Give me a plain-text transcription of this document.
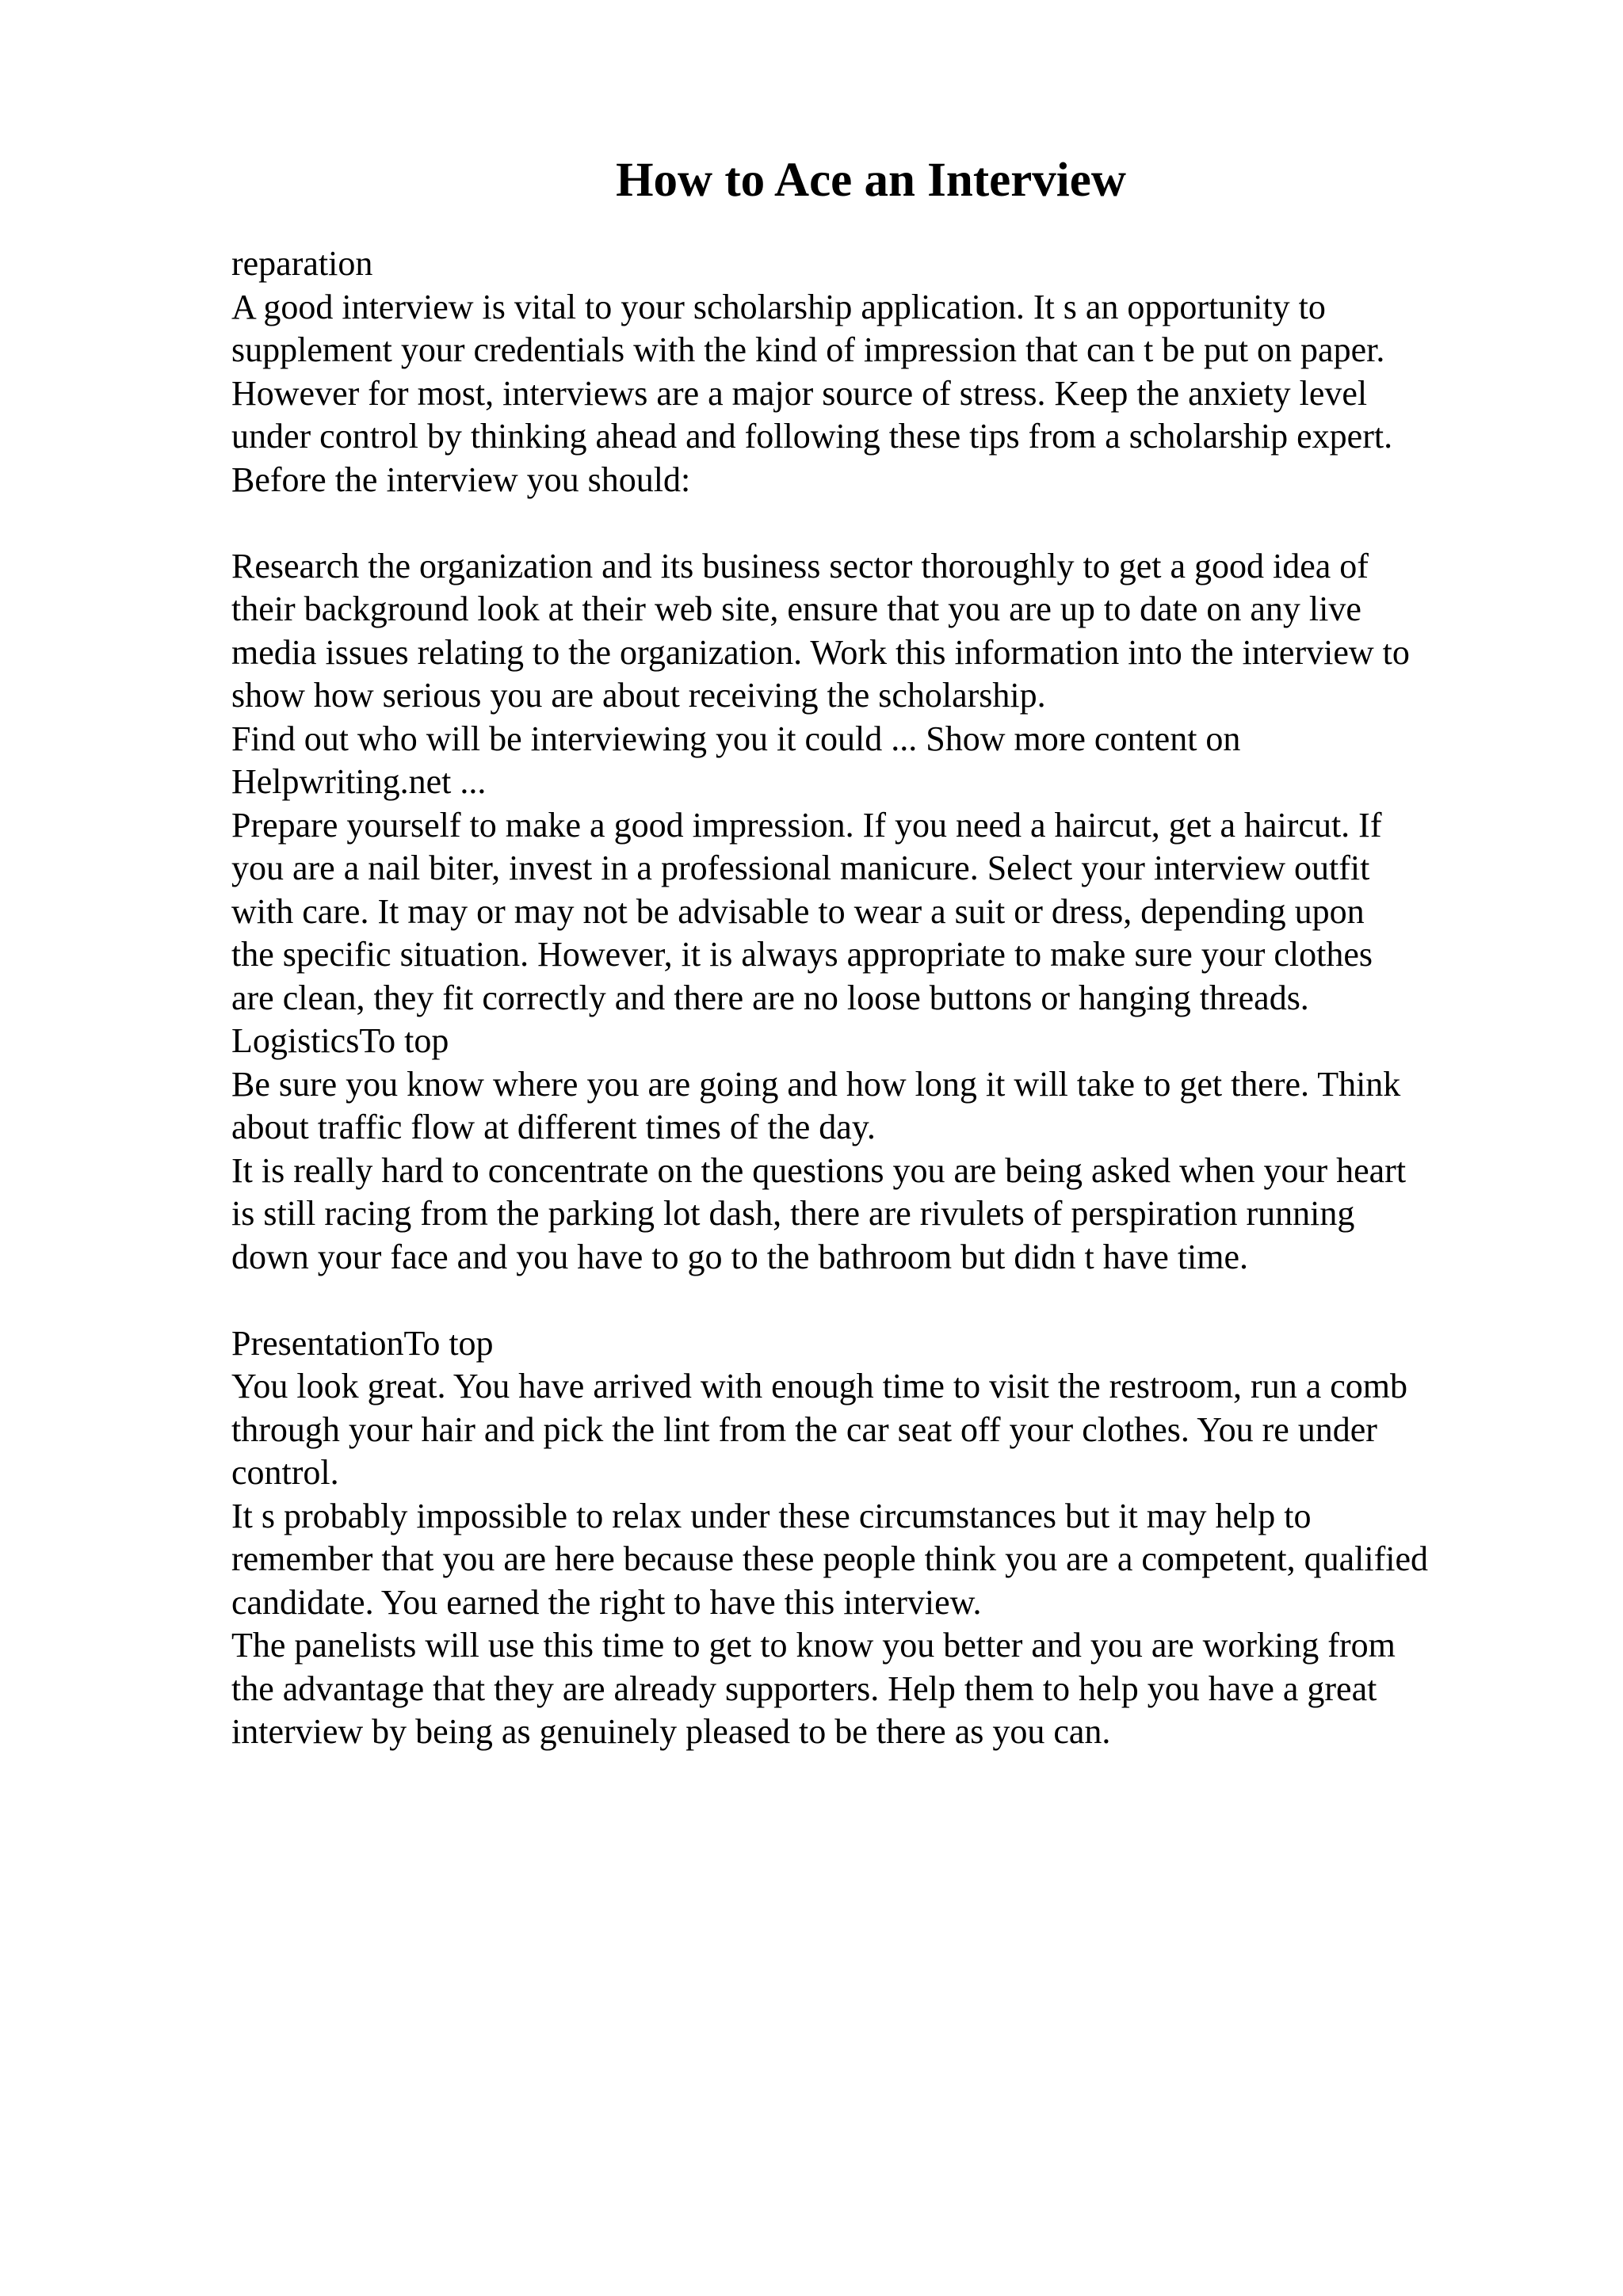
How to Ace an Interview
reparation
A good interview is vital to your scholarship application. It s an opportunity to
supplement your credentials with the kind of impression that can t be put on paper.
However for most, interviews are a major source of stress. Keep the anxiety level
under control by thinking ahead and following these tips from a scholarship expert.
Before the interview you should:
Research the organization and its business sector thoroughly to get a good idea of
their background look at their web site, ensure that you are up to date on any live
media issues relating to the organization. Work this information into the interview to
show how serious you are about receiving the scholarship.
Find out who will be interviewing you it could ... Show more content on
Helpwriting.net ...
Prepare yourself to make a good impression. If you need a haircut, get a haircut. If
you are a nail biter, invest in a professional manicure. Select your interview outfit
with care. It may or may not be advisable to wear a suit or dress, depending upon
the specific situation. However, it is always appropriate to make sure your clothes
are clean, they fit correctly and there are no loose buttons or hanging threads.
LogisticsTo top
Be sure you know where you are going and how long it will take to get there. Think
about traffic flow at different times of the day.
It is really hard to concentrate on the questions you are being asked when your heart
is still racing from the parking lot dash, there are rivulets of perspiration running
down your face and you have to go to the bathroom but didn t have time.
PresentationTo top
You look great. You have arrived with enough time to visit the restroom, run a comb
through your hair and pick the lint from the car seat off your clothes. You re under
control.
It s probably impossible to relax under these circumstances but it may help to
remember that you are here because these people think you are a competent, qualified
candidate. You earned the right to have this interview.
The panelists will use this time to get to know you better and you are working from
the advantage that they are already supporters. Help them to help you have a great
interview by being as genuinely pleased to be there as you can.
